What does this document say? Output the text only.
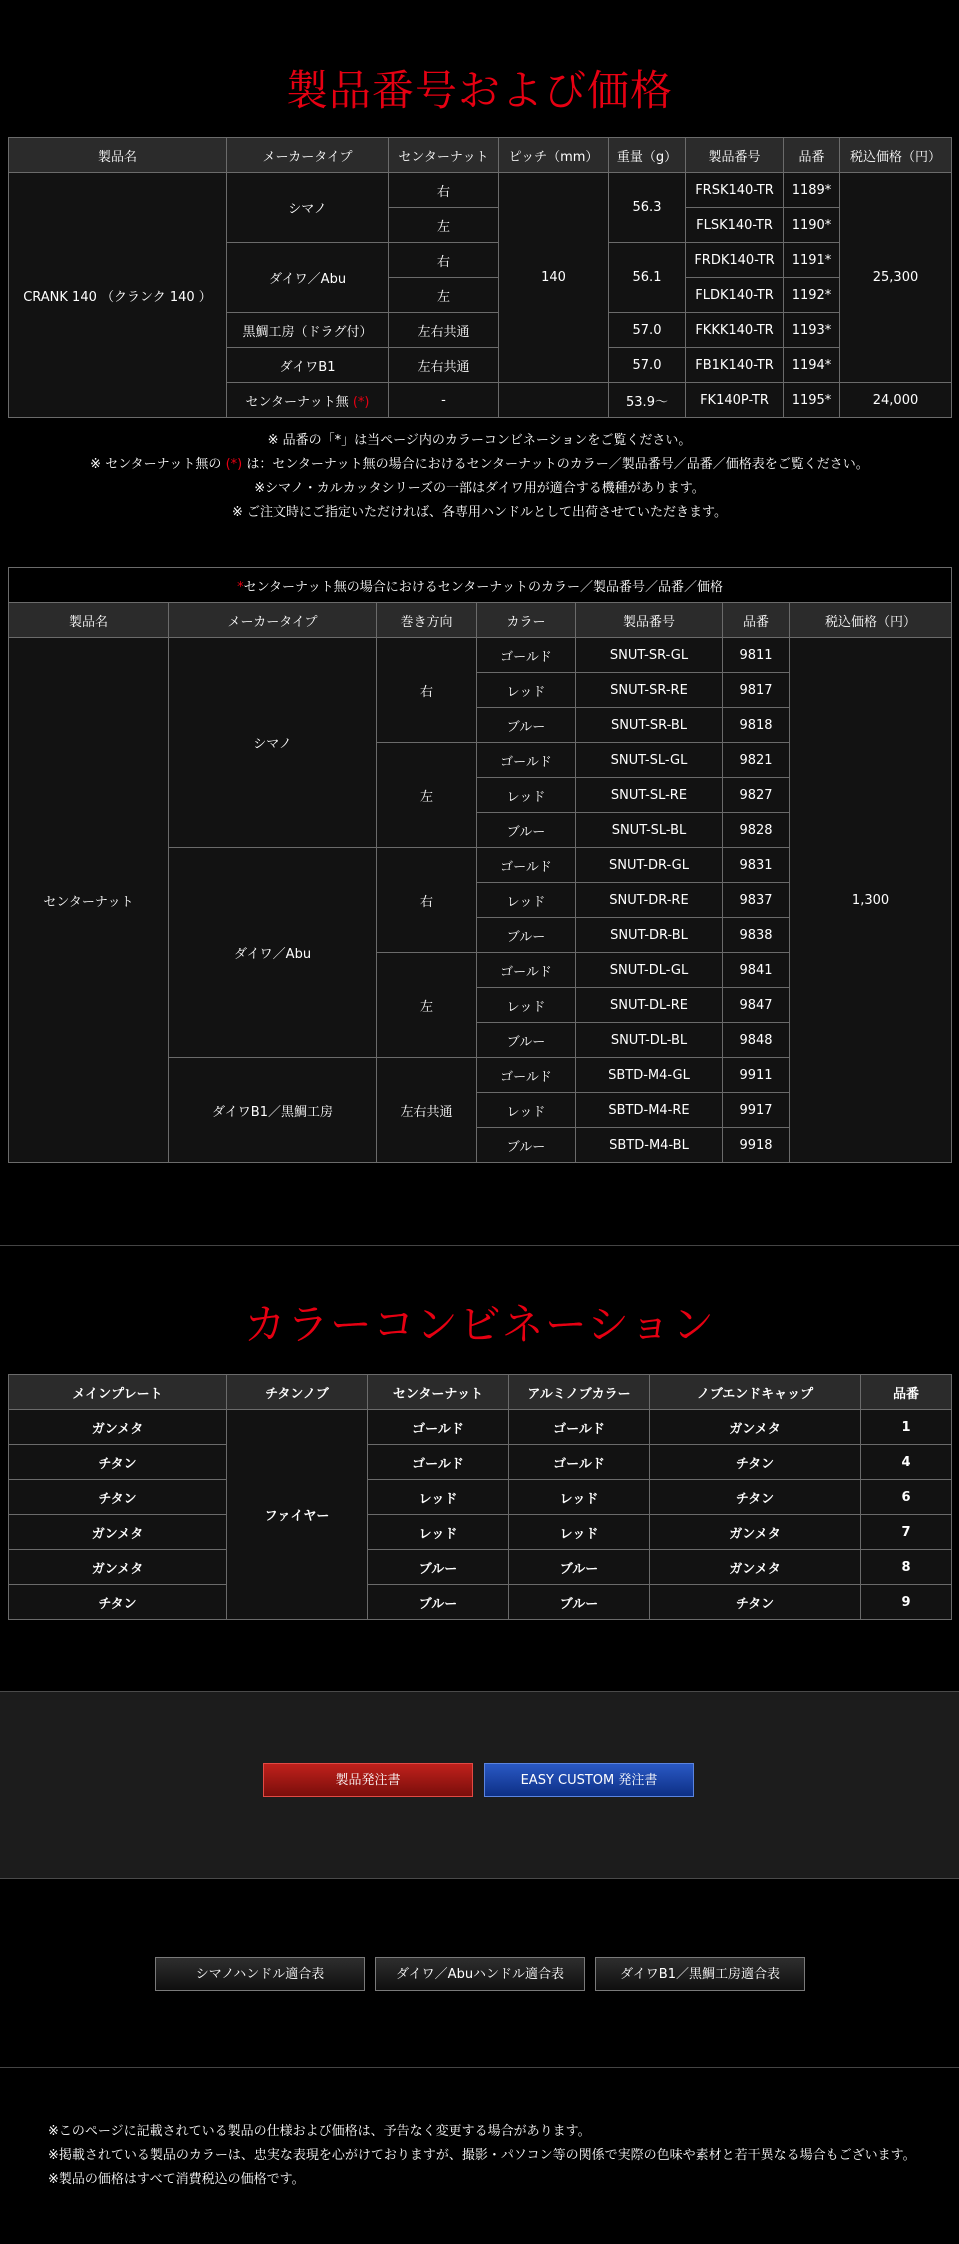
製品番号および価格
製品名	メーカータイプ	センターナット	ピッチ（mm）	重量（g）	製品番号	品番	税込価格（円）
CRANK 140 （クランク 140 ）	シマノ	右	140	56.3	FRSK140-TR	1189*	25,300
		左			FLSK140-TR	1190*	
	ダイワ／Abu	右		56.1	FRDK140-TR	1191*	
		左			FLDK140-TR	1192*	
	黒鯛工房（ドラグ付）	左右共通		57.0	FKKK140-TR	1193*	
	ダイワB1	左右共通		57.0	FB1K140-TR	1194*	
	センターナット無 (*)	-		53.9～	FK140P-TR	1195*	24,000
※ 品番の「*」は当ページ内のカラーコンビネーションをご覧ください。
※ センターナット無の (*) は：センターナット無の場合におけるセンターナットのカラー／製品番号／品番／価格表をご覧ください。
※シマノ・カルカッタシリーズの一部はダイワ用が適合する機種があります。
※ ご注文時にご指定いただければ、各専用ハンドルとして出荷させていただきます。
*センターナット無の場合におけるセンターナットのカラー／製品番号／品番／価格						
製品名	メーカータイプ	巻き方向	カラー	製品番号	品番	税込価格（円）
センターナット	シマノ	右	ゴールド	SNUT-SR-GL	9811	1,300
			レッド	SNUT-SR-RE	9817	
			ブルー	SNUT-SR-BL	9818	
		左	ゴールド	SNUT-SL-GL	9821	
			レッド	SNUT-SL-RE	9827	
			ブルー	SNUT-SL-BL	9828	
	ダイワ／Abu	右	ゴールド	SNUT-DR-GL	9831	
			レッド	SNUT-DR-RE	9837	
			ブルー	SNUT-DR-BL	9838	
		左	ゴールド	SNUT-DL-GL	9841	
			レッド	SNUT-DL-RE	9847	
			ブルー	SNUT-DL-BL	9848	
	ダイワB1／黒鯛工房	左右共通	ゴールド	SBTD-M4-GL	9911	
			レッド	SBTD-M4-RE	9917	
			ブルー	SBTD-M4-BL	9918	
カラーコンビネーション
メインプレート	チタンノブ	センターナット	アルミノブカラー	ノブエンドキャップ	品番
ガンメタ	ファイヤー	ゴールド	ゴールド	ガンメタ	1
チタン		ゴールド	ゴールド	チタン	4
チタン		レッド	レッド	チタン	6
ガンメタ		レッド	レッド	ガンメタ	7
ガンメタ		ブルー	ブルー	ガンメタ	8
チタン		ブルー	ブルー	チタン	9
製品発注書	EASY CUSTOM 発注書
シマノハンドル適合表	ダイワ／Abuハンドル適合表	ダイワB1／黒鯛工房適合表
※このページに記載されている製品の仕様および価格は、予告なく変更する場合があります。
※掲載されている製品のカラーは、忠実な表現を心がけておりますが、撮影・パソコン等の関係で実際の色味や素材と若干異なる場合もございます。
※製品の価格はすべて消費税込の価格です。
